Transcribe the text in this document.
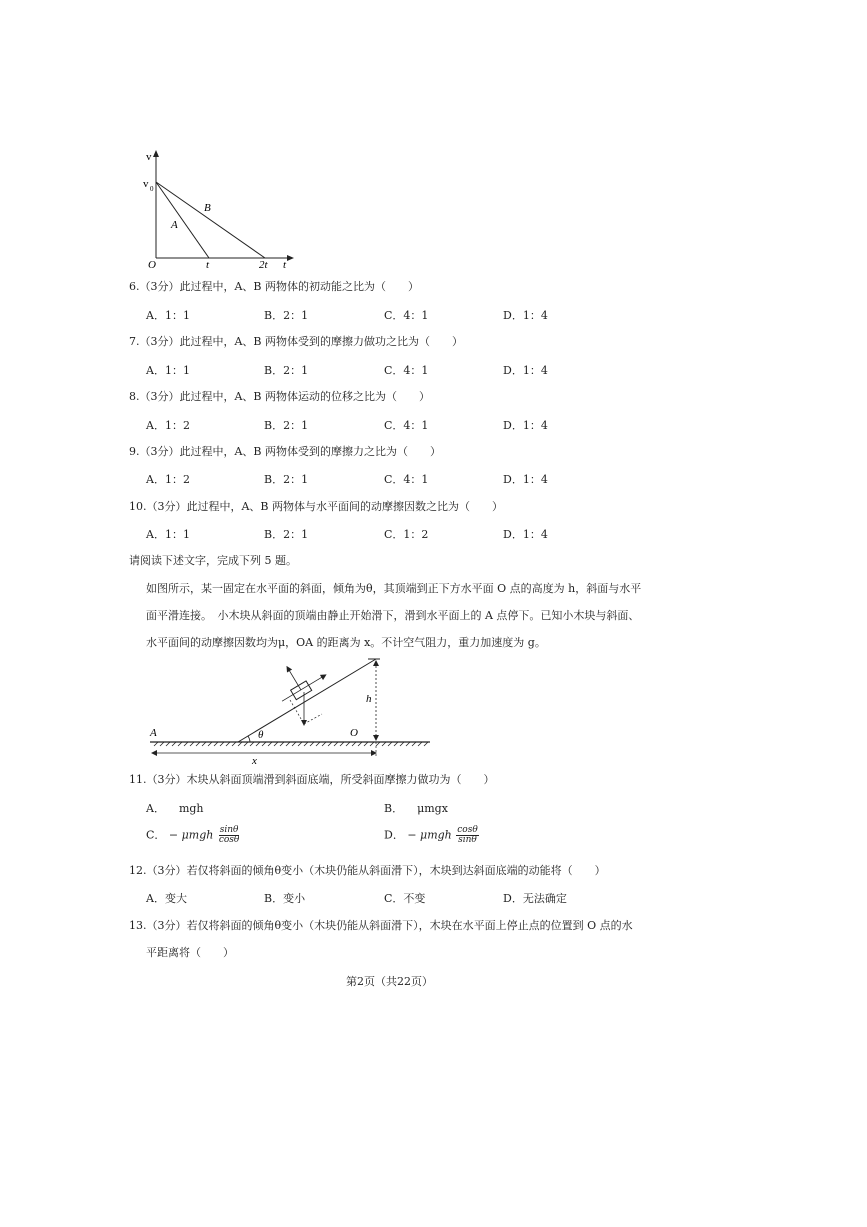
v
v 0
A
B
O	t	2t t
6.（3分）此过程中，A、B 两物体的初动能之比为（　　）
A．1：1	B．2：1	C．4：1	D．1：4
7.（3分）此过程中，A、B 两物体受到的摩擦力做功之比为（　　）
A．1：1	B．2：1	C．4：1	D．1：4
8.（3分）此过程中，A、B 两物体运动的位移之比为（　　）
A．1：2	B．2：1	C．4：1	D．1：4
9.（3分）此过程中，A、B 两物体受到的摩擦力之比为（　　）
A．1：2	B．2：1	C．4：1	D．1：4
10.（3分）此过程中，A、B 两物体与水平面间的动摩擦因数之比为（　　）
A．1：1	B．2：1	C．1：2	D．1：4
请阅读下述文字，完成下列 5 题。
如图所示，某一固定在水平面的斜面，倾角为θ，其顶端到正下方水平面 O 点的高度为 h，斜面与水平
面平滑连接。　小木块从斜面的顶端由静止开始滑下，滑到水平面上的 A 点停下。已知小木块与斜面、
水平面间的动摩擦因数均为μ，OA 的距离为 x。不计空气阻力，重力加速度为 g。
A	θ	O
h
x
11.（3分）木块从斜面顶端滑到斜面底端，所受斜面摩擦力做功为（　　）
A． mgh	B． μmgx
C． − μmgh $\frac{\sin\theta}{\cos\theta}$	D． − μmgh $\frac{\cos\theta}{\sin\theta}$
12.（3分）若仅将斜面的倾角θ变小（木块仍能从斜面滑下），木块到达斜面底端的动能将（　　）
A．变大	B．变小	C．不变	D．无法确定
13.（3分）若仅将斜面的倾角θ变小（木块仍能从斜面滑下），木块在水平面上停止点的位置到 O 点的水
平距离将（　　）
第2页（共22页）
